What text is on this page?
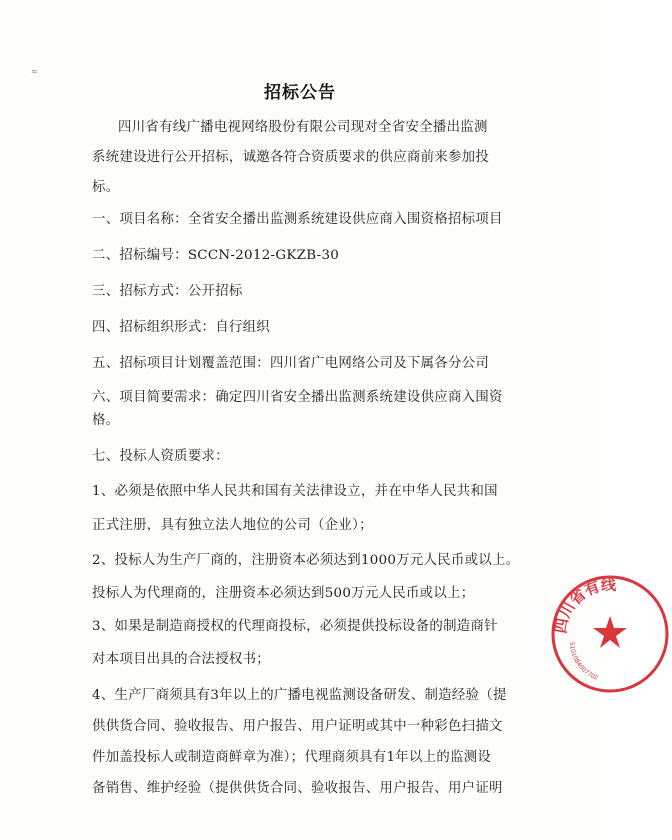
≈
招标公告
四川省有线广播电视网络股份有限公司现对全省安全播出监测
系统建设进行公开招标，诚邀各符合资质要求的供应商前来参加投
标。
一、项目名称：全省安全播出监测系统建设供应商入围资格招标项目
二、招标编号：SCCN-2012-GKZB-30
三、招标方式：公开招标
四、招标组织形式：自行组织
五、招标项目计划覆盖范围：四川省广电网络公司及下属各分公司
六、项目简要需求：确定四川省安全播出监测系统建设供应商入围资
格。
七、投标人资质要求：
1、必须是依照中华人民共和国有关法律设立，并在中华人民共和国
正式注册，具有独立法人地位的公司（企业）；
2、投标人为生产厂商的，注册资本必须达到1000万元人民币或以上。
投标人为代理商的，注册资本必须达到500万元人民币或以上；
3、如果是制造商授权的代理商投标，必须提供投标设备的制造商针
对本项目出具的合法授权书；
4、生产厂商须具有3年以上的广播电视监测设备研发、制造经验（提
供供货合同、验收报告、用户报告、用户证明或其中一种彩色扫描文
件加盖投标人或制造商鲜章为准）；代理商须具有1年以上的监测设
备销售、维护经验（提供供货合同、验收报告、用户报告、用户证明
四川省有线
5101084007702
